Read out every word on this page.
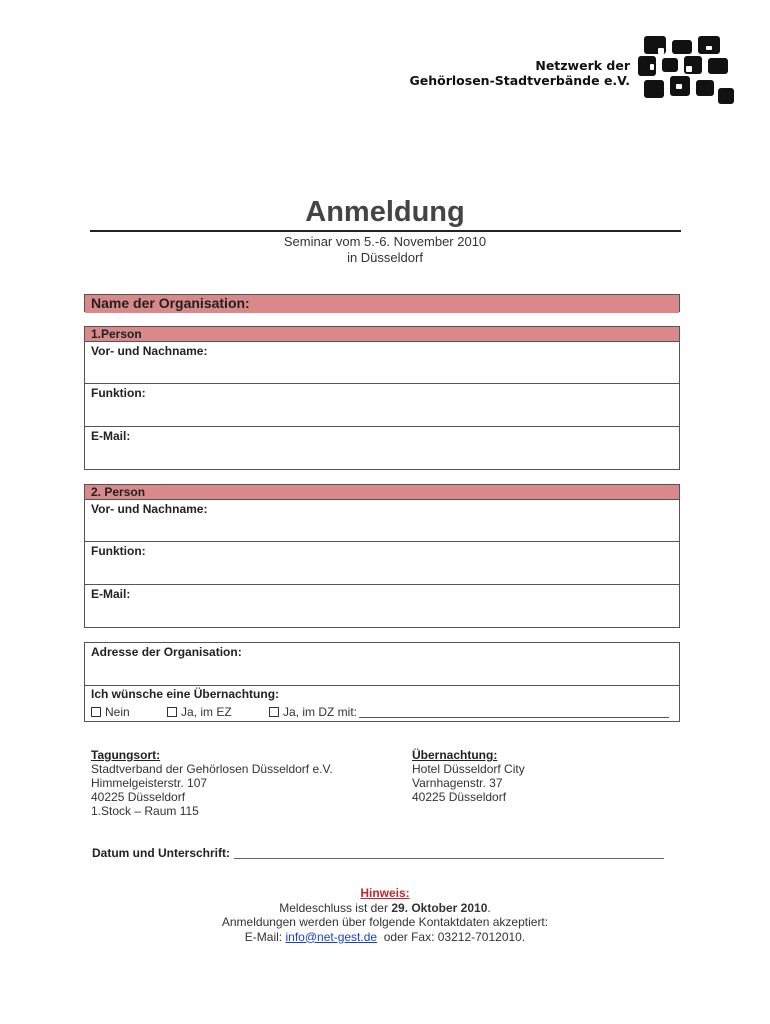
Netzwerk der
Gehörlosen-Stadtverbände e.V.
Anmeldung
Seminar vom 5.-6. November 2010
in Düsseldorf
Name der Organisation:
1.Person
Vor- und Nachname:
Funktion:
E-Mail:
2. Person
Vor- und Nachname:
Funktion:
E-Mail:
Adresse der Organisation:
Ich wünsche eine Übernachtung:
Nein	Ja, im EZ	Ja, im DZ mit:
Tagungsort:
Stadtverband der Gehörlosen Düsseldorf e.V.
Himmelgeisterstr. 107
40225 Düsseldorf
1.Stock – Raum 115
Übernachtung:
Hotel Düsseldorf City
Varnhagenstr. 37
40225 Düsseldorf
Datum und Unterschrift:
Hinweis:
Meldeschluss ist der 29. Oktober 2010.
Anmeldungen werden über folgende Kontaktdaten akzeptiert:
E-Mail: info@net-gest.de oder Fax: 03212-7012010.
